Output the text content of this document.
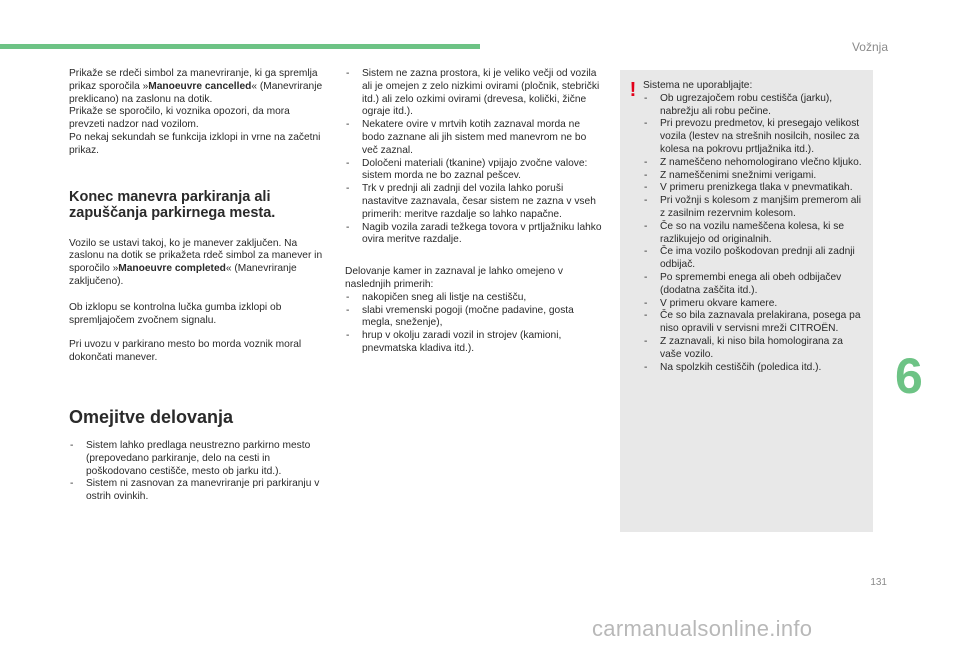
Vožnja

Prikaže se rdeči simbol za manevriranje, ki ga spremlja prikaz sporočila »Manoeuvre cancelled« (Manevriranje preklicano) na zaslonu na dotik.
Prikaže se sporočilo, ki voznika opozori, da mora prevzeti nadzor nad vozilom.
Po nekaj sekundah se funkcija izklopi in vrne na začetni prikaz.

Konec manevra parkiranja ali zapuščanja parkirnega mesta.

Vozilo se ustavi takoj, ko je manever zaključen. Na zaslonu na dotik se prikažeta rdeč simbol za manever in sporočilo »Manoeuvre completed« (Manevriranje zaključeno).

Ob izklopu se kontrolna lučka gumba izklopi ob spremljajočem zvočnem signalu.

Pri uvozu v parkirano mesto bo morda voznik moral dokončati manever.

Omejitve delovanja
- Sistem lahko predlaga neustrezno parkirno mesto (prepovedano parkiranje, delo na cesti in poškodovano cestišče, mesto ob jarku itd.).
- Sistem ni zasnovan za manevriranje pri parkiranju v ostrih ovinkih.
- Sistem ne zazna prostora, ki je veliko večji od vozila ali je omejen z zelo nizkimi ovirami (pločnik, stebrički itd.) ali zelo ozkimi ovirami (drevesa, količki, žične ograje itd.).
- Nekatere ovire v mrtvih kotih zaznaval morda ne bodo zaznane ali jih sistem med manevrom ne bo več zaznal.
- Določeni materiali (tkanine) vpijajo zvočne valove: sistem morda ne bo zaznal pešcev.
- Trk v prednji ali zadnji del vozila lahko poruši nastavitve zaznavala, česar sistem ne zazna v vseh primerih: meritve razdalje so lahko napačne.
- Nagib vozila zaradi težkega tovora v prtljažniku lahko ovira meritve razdalje.

Delovanje kamer in zaznaval je lahko omejeno v naslednjih primerih:

- nakopičen sneg ali listje na cestišču,
- slabi vremenski pogoji (močne padavine, gosta megla, sneženje),
- hrup v okolju zaradi vozil in strojev (kamioni, pnevmatska kladiva itd.).
! Sistema ne uporabljajte:

- Ob ugrezajočem robu cestišča (jarku), nabrežju ali robu pečine.
- Pri prevozu predmetov, ki presegajo velikost vozila (lestev na strešnih nosilcih, nosilec za kolesa na pokrovu prtljažnika itd.).
- Z nameščeno nehomologirano vlečno kljuko.
- Z nameščenimi snežnimi verigami.
- V primeru prenizkega tlaka v pnevmatikah.
- Pri vožnji s kolesom z manjšim premerom ali z zasilnim rezervnim kolesom.
- Če so na vozilu nameščena kolesa, ki se razlikujejo od originalnih.
- Če ima vozilo poškodovan prednji ali zadnji odbijač.
- Po spremembi enega ali obeh odbijačev (dodatna zaščita itd.).
- V primeru okvare kamere.
- Če so bila zaznavala prelakirana, posega pa niso opravili v servisni mreži CITROËN.
- Z zaznavali, ki niso bila homologirana za vaše vozilo.
- Na spolzkih cestiščih (poledica itd.).	6
131
carmanualsonline.info
